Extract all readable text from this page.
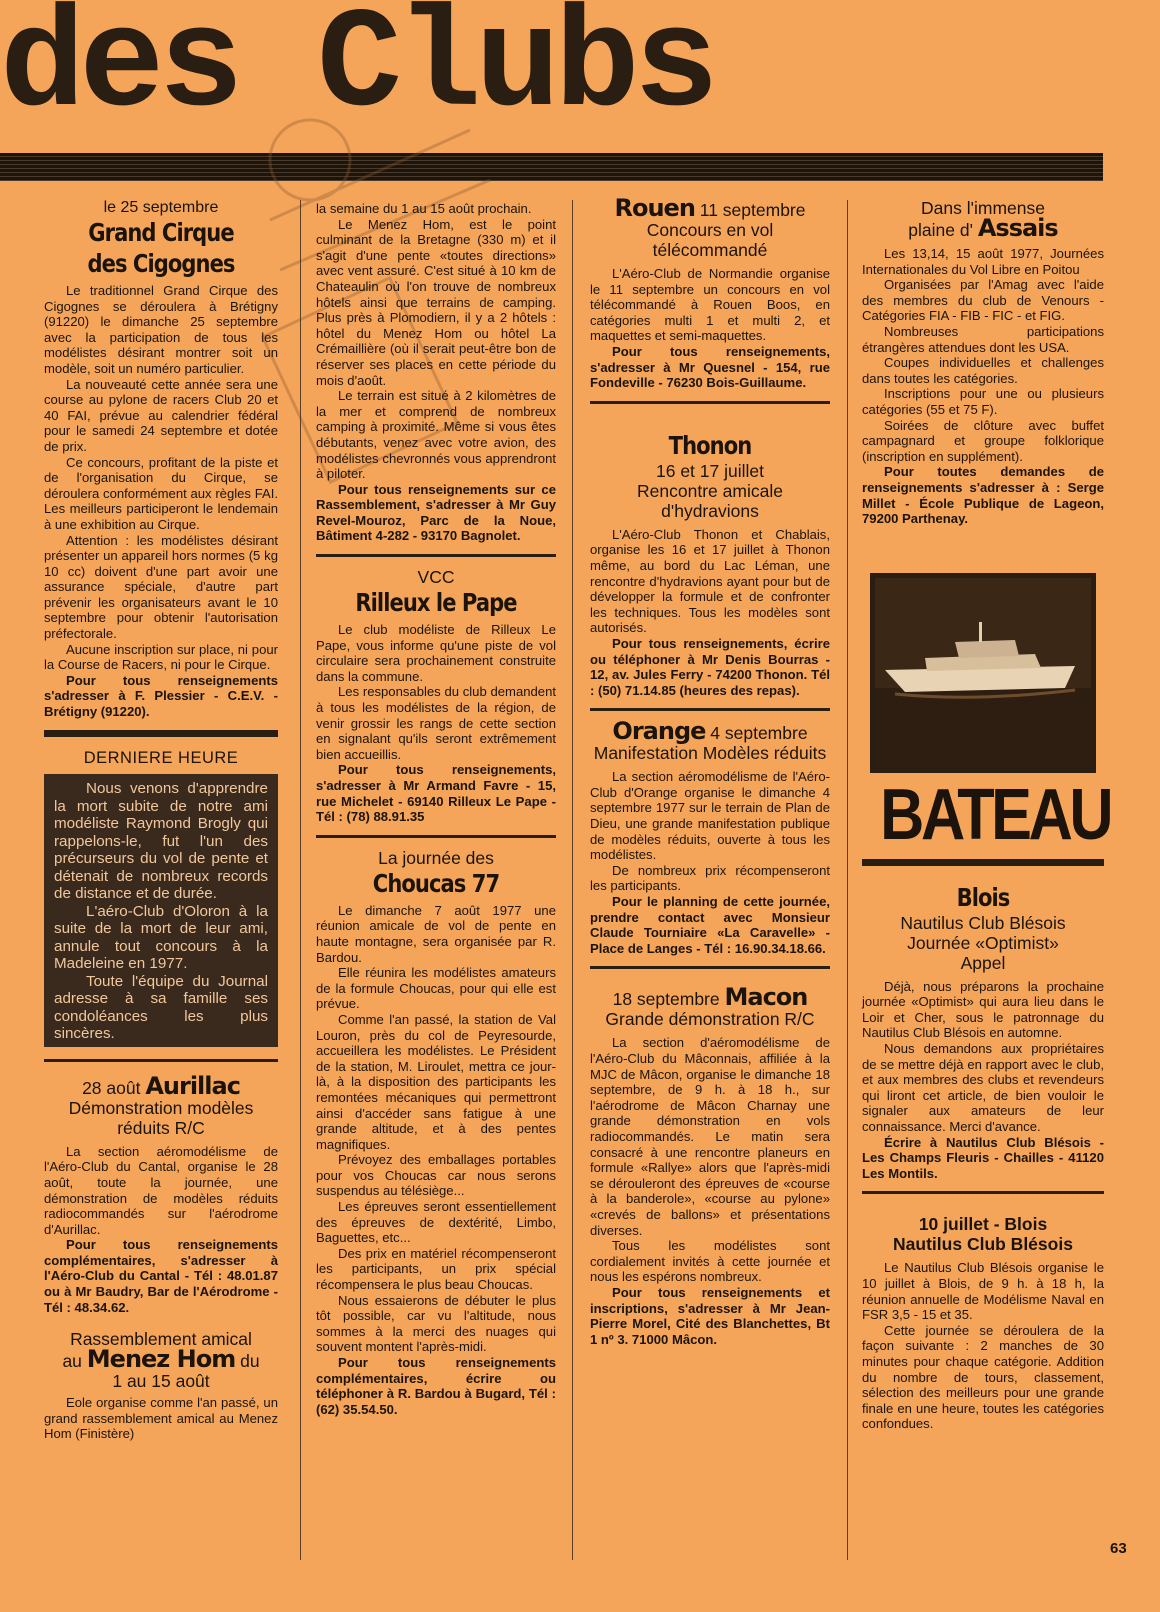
des Clubs
le 25 septembre
Grand Cirque
des Cigognes

Le traditionnel Grand Cirque des Cigognes se déroulera à Brétigny (91220) le dimanche 25 septembre avec la participation de tous les modélistes désirant montrer soit un modèle, soit un numéro particulier.

La nouveauté cette année sera une course au pylone de racers Club 20 et 40 FAI, prévue au calendrier fédéral pour le samedi 24 septembre et dotée de prix.

Ce concours, profitant de la piste et de l'organisation du Cirque, se déroulera conformément aux règles FAI. Les meilleurs participeront le lendemain à une exhibition au Cirque.

Attention : les modélistes désirant présenter un appareil hors normes (5 kg 10 cc) doivent d'une part avoir une assurance spéciale, d'autre part prévenir les organisateurs avant le 10 septembre pour obtenir l'autorisation préfectorale.

Aucune inscription sur place, ni pour la Course de Racers, ni pour le Cirque.

Pour tous renseignements s'adresser à F. Plessier - C.E.V. - Brétigny (91220).

DERNIERE HEURE

Nous venons d'apprendre la mort subite de notre ami modéliste Raymond Brogly qui rappelons-le, fut l'un des précurseurs du vol de pente et détenait de nombreux records de distance et de durée.

L'aéro-Club d'Oloron à la suite de la mort de leur ami, annule tout concours à la Madeleine en 1977.

Toute l'équipe du Journal adresse à sa famille ses condoléances les plus sincères.

28 août Aurillac
Démonstration modèles réduits R/C

La section aéromodélisme de l'Aéro-Club du Cantal, organise le 28 août, toute la journée, une démonstration de modèles réduits radiocommandés sur l'aérodrome d'Aurillac.

Pour tous renseignements complémentaires, s'adresser à l'Aéro-Club du Cantal - Tél : 48.01.87 ou à Mr Baudry, Bar de l'Aérodrome - Tél : 48.34.62.

Rassemblement amical
au Menez Hom du
1 au 15 août

Eole organise comme l'an passé, un grand rassemblement amical au Menez Hom (Finistère)

la semaine du 1 au 15 août prochain.

Le Menez Hom, est le point culminant de la Bretagne (330 m) et il s'agit d'une pente «toutes directions» avec vent assuré. C'est situé à 10 km de Chateaulin où l'on trouve de nombreux hôtels ainsi que terrains de camping. Plus près à Plomodiern, il y a 2 hôtels : hôtel du Menez Hom ou hôtel La Crémaillière (où il serait peut-être bon de réserver ses places en cette période du mois d'août.

Le terrain est situé à 2 kilomètres de la mer et comprend de nombreux camping à proximité. Même si vous êtes débutants, venez avec votre avion, des modélistes chevronnés vous apprendront à piloter.

Pour tous renseignements sur ce Rassemblement, s'adresser à Mr Guy Revel-Mouroz, Parc de la Noue, Bâtiment 4-282 - 93170 Bagnolet.

VCC
Rilleux le Pape

Le club modéliste de Rilleux Le Pape, vous informe qu'une piste de vol circulaire sera prochainement construite dans la commune.

Les responsables du club demandent à tous les modélistes de la région, de venir grossir les rangs de cette section en signalant qu'ils seront extrêmement bien accueillis.

Pour tous renseignements, s'adresser à Mr Armand Favre - 15, rue Michelet - 69140 Rilleux Le Pape - Tél : (78) 88.91.35

La journée des
Choucas 77

Le dimanche 7 août 1977 une réunion amicale de vol de pente en haute montagne, sera organisée par R. Bardou.

Elle réunira les modélistes amateurs de la formule Choucas, pour qui elle est prévue.

Comme l'an passé, la station de Val Louron, près du col de Peyresourde, accueillera les modélistes. Le Président de la station, M. Liroulet, mettra ce jour-là, à la disposition des participants les remontées mécaniques qui permettront ainsi d'accéder sans fatigue à une grande altitude, et à des pentes magnifiques.

Prévoyez des emballages portables pour vos Choucas car nous serons suspendus au télésiège...

Les épreuves seront essentiellement des épreuves de dextérité, Limbo, Baguettes, etc...

Des prix en matériel récompenseront les participants, un prix spécial récompensera le plus beau Choucas.

Nous essaierons de débuter le plus tôt possible, car vu l'altitude, nous sommes à la merci des nuages qui souvent montent l'après-midi.

Pour tous renseignements complémentaires, écrire ou téléphoner à R. Bardou à Bugard, Tél : (62) 35.54.50.

Rouen 11 septembre
Concours en vol télécommandé

L'Aéro-Club de Normandie organise le 11 septembre un concours en vol télécommandé à Rouen Boos, en catégories multi 1 et multi 2, et maquettes et semi-maquettes.

Pour tous renseignements, s'adresser à Mr Quesnel - 154, rue Fondeville - 76230 Bois-Guillaume.

Thonon
16 et 17 juillet
Rencontre amicale d'hydravions

L'Aéro-Club Thonon et Chablais, organise les 16 et 17 juillet à Thonon même, au bord du Lac Léman, une rencontre d'hydravions ayant pour but de développer la formule et de confronter les techniques. Tous les modèles sont autorisés.

Pour tous renseignements, écrire ou téléphoner à Mr Denis Bourras - 12, av. Jules Ferry - 74200 Thonon. Tél : (50) 71.14.85 (heures des repas).

Orange 4 septembre
Manifestation Modèles réduits

La section aéromodélisme de l'Aéro-Club d'Orange organise le dimanche 4 septembre 1977 sur le terrain de Plan de Dieu, une grande manifestation publique de modèles réduits, ouverte à tous les modélistes.

De nombreux prix récompenseront les participants.

Pour le planning de cette journée, prendre contact avec Monsieur Claude Tourniaire «La Caravelle» - Place de Langes - Tél : 16.90.34.18.66.

18 septembre Macon
Grande démonstration R/C

La section d'aéromodélisme de l'Aéro-Club du Mâconnais, affiliée à la MJC de Mâcon, organise le dimanche 18 septembre, de 9 h. à 18 h., sur l'aérodrome de Mâcon Charnay une grande démonstration en vols radiocommandés. Le matin sera consacré à une rencontre planeurs en formule «Rallye» alors que l'après-midi se dérouleront des épreuves de «course à la banderole», «course au pylone» «crevés de ballons» et présentations diverses.

Tous les modélistes sont cordialement invités à cette journée et nous les espérons nombreux.

Pour tous renseignements et inscriptions, s'adresser à Mr Jean-Pierre Morel, Cité des Blanchettes, Bt 1 nº 3. 71000 Mâcon.

Dans l'immense
plaine d' Assais

Les 13,14, 15 août 1977, Journées Internationales du Vol Libre en Poitou

Organisées par l'Amag avec l'aide des membres du club de Venours - Catégories FIA - FIB - FIC - et FIG.

Nombreuses participations étrangères attendues dont les USA.

Coupes individuelles et challenges dans toutes les catégories.

Inscriptions pour une ou plusieurs catégories (55 et 75 F).

Soirées de clôture avec buffet campagnard et groupe folklorique (inscription en supplément).

Pour toutes demandes de renseignements s'adresser à : Serge Millet - École Publique de Lageon, 79200 Parthenay.

BATEAU
Blois
Nautilus Club Blésois
Journée «Optimist»
Appel

Déjà, nous préparons la prochaine journée «Optimist» qui aura lieu dans le Loir et Cher, sous le patronnage du Nautilus Club Blésois en automne.

Nous demandons aux propriétaires de se mettre déjà en rapport avec le club, et aux membres des clubs et revendeurs qui liront cet article, de bien vouloir le signaler aux amateurs de leur connaissance. Merci d'avance.

Écrire à Nautilus Club Blésois - Les Champs Fleuris - Chailles - 41120 Les Montils.

10 juillet - Blois
Nautilus Club Blésois

Le Nautilus Club Blésois organise le 10 juillet à Blois, de 9 h. à 18 h, la réunion annuelle de Modélisme Naval en FSR 3,5 - 15 et 35.

Cette journée se déroulera de la façon suivante : 2 manches de 30 minutes pour chaque catégorie. Addition du nombre de tours, classement, sélection des meilleurs pour une grande finale en une heure, toutes les catégories confondues.

63
